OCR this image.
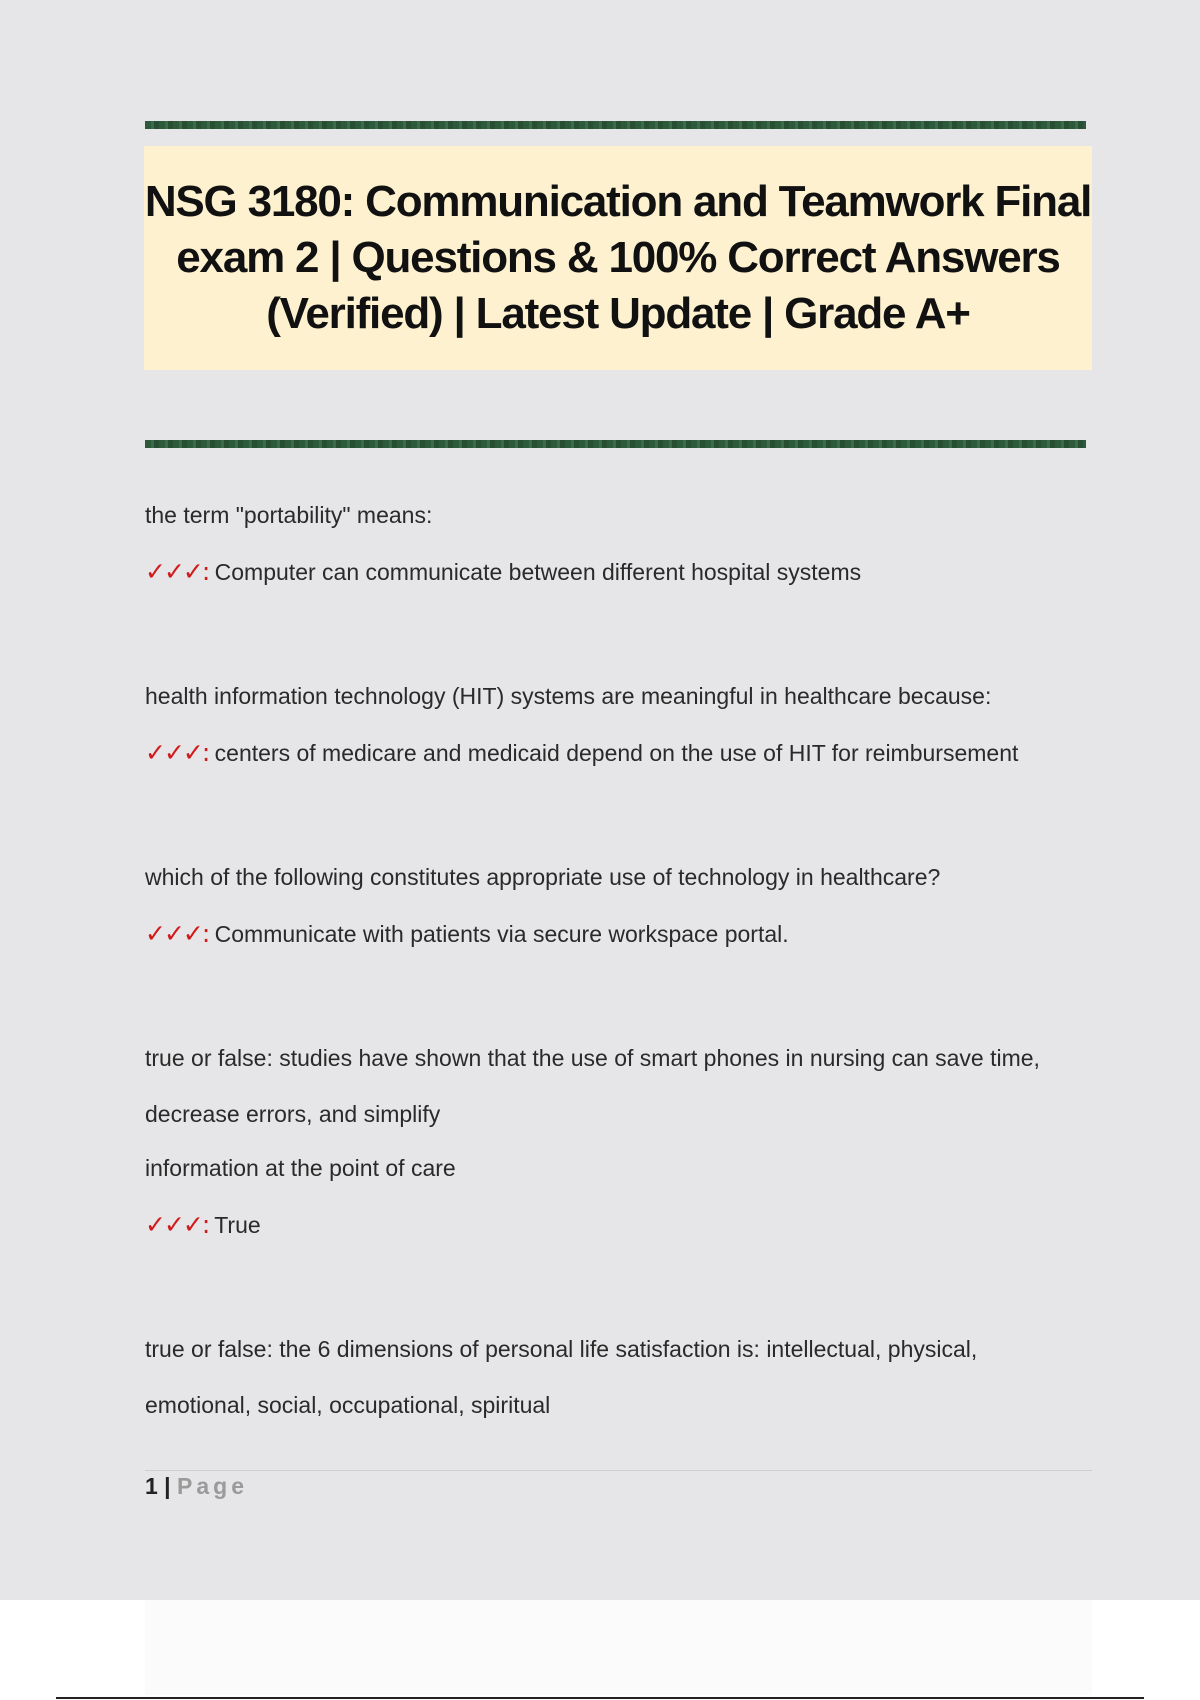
NSG 3180: Communication and Teamwork Final exam 2 | Questions & 100% Correct Answers (Verified) | Latest Update | Grade A+
the term "portability" means:
✓✓✓: Computer can communicate between different hospital systems
health information technology (HIT) systems are meaningful in healthcare because:
✓✓✓: centers of medicare and medicaid depend on the use of HIT for reimbursement
which of the following constitutes appropriate use of technology in healthcare?
✓✓✓: Communicate with patients via secure workspace portal.
true or false: studies have shown that the use of smart phones in nursing can save time,
decrease errors, and simplify
information at the point of care
✓✓✓: True
true or false: the 6 dimensions of personal life satisfaction is: intellectual, physical,
emotional, social, occupational, spiritual
1 | Page
